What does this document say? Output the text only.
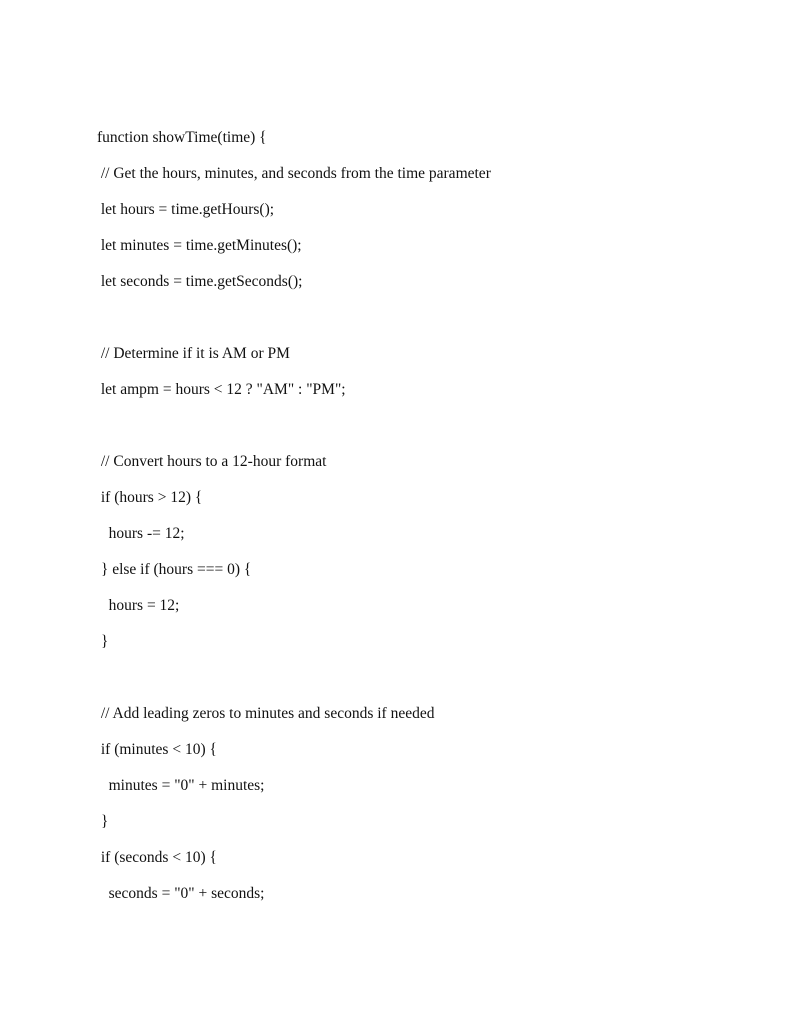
function showTime(time) {
// Get the hours, minutes, and seconds from the time parameter
let hours = time.getHours();
let minutes = time.getMinutes();
let seconds = time.getSeconds();
// Determine if it is AM or PM
let ampm = hours < 12 ? "AM" : "PM";
// Convert hours to a 12-hour format
if (hours > 12) {
hours -= 12;
} else if (hours === 0) {
hours = 12;
}
// Add leading zeros to minutes and seconds if needed
if (minutes < 10) {
minutes = "0" + minutes;
}
if (seconds < 10) {
seconds = "0" + seconds;
